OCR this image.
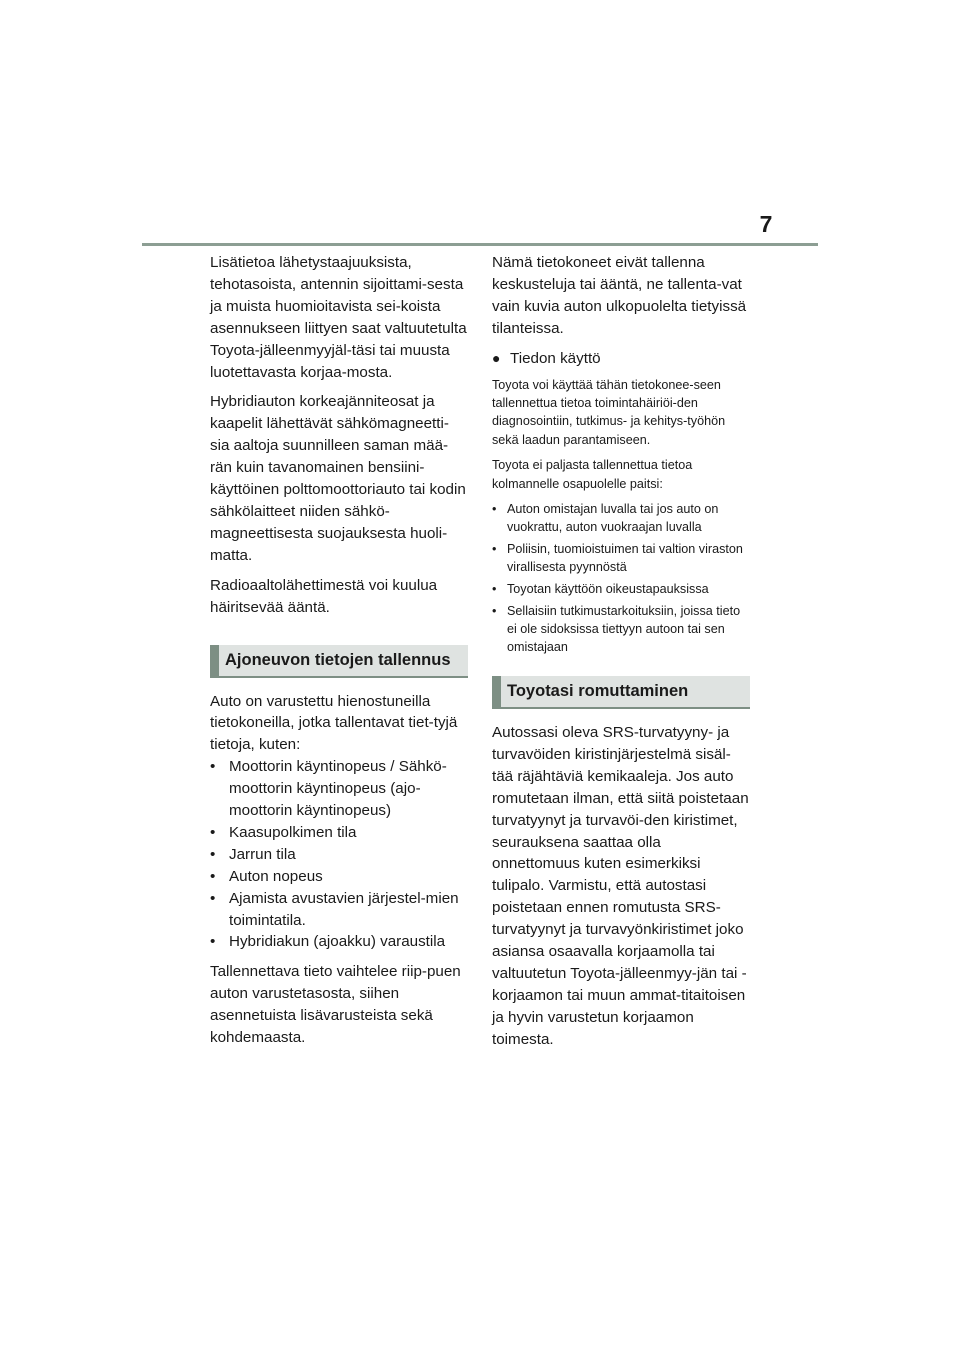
7

Lisätietoa lähetystaajuuksista, tehotasoista, antennin sijoittami-sesta ja muista huomioitavista sei-koista asennukseen liittyen saat valtuutetulta Toyota-jälleenmyyjäl-täsi tai muusta luotettavasta korjaa-mosta.

Hybridiauton korkeajänniteosat ja kaapelit lähettävät sähkömagneetti-sia aaltoja suunnilleen saman mää-rän kuin tavanomainen bensiini-käyttöinen polttomoottoriauto tai kodin sähkölaitteet niiden sähkö-magneettisesta suojauksesta huoli-matta.

Radioaaltolähettimestä voi kuulua häiritsevää ääntä.

Ajoneuvon tietojen tallennus

Auto on varustettu hienostuneilla tietokoneilla, jotka tallentavat tiet-tyjä tietoja, kuten:

• Moottorin käyntinopeus / Sähkö-moottorin käyntinopeus (ajo-moottorin käyntinopeus)
• Kaasupolkimen tila
• Jarrun tila
• Auton nopeus
• Ajamista avustavien järjestel-mien toimintatila.
• Hybridiakun (ajoakku) varaustila

Tallennettava tieto vaihtelee riip-puen auton varustetasosta, siihen asennetuista lisävarusteista sekä kohdemaasta.

Nämä tietokoneet eivät tallenna keskusteluja tai ääntä, ne tallenta-vat vain kuvia auton ulkopuolelta tietyissä tilanteissa.

● Tiedon käyttö

Toyota voi käyttää tähän tietokonee-seen tallennettua tietoa toimintahäiriöi-den diagnosointiin, tutkimus- ja kehitys-työhön sekä laadun parantamiseen.

Toyota ei paljasta tallennettua tietoa kolmannelle osapuolelle paitsi:

• Auton omistajan luvalla tai jos auto on vuokrattu, auton vuokraajan luvalla
• Poliisin, tuomioistuimen tai valtion viraston virallisesta pyynnöstä
• Toyotan käyttöön oikeustapauksissa
• Sellaisiin tutkimustarkoituksiin, joissa tieto ei ole sidoksissa tiettyyn autoon tai sen omistajaan
Toyotasi romuttaminen

Autossasi oleva SRS-turvatyyny- ja turvavöiden kiristinjärjestelmä sisäl-tää räjähtäviä kemikaaleja. Jos auto romutetaan ilman, että siitä poistetaan turvatyynyt ja turvavöi-den kiristimet, seurauksena saattaa olla onnettomuus kuten esimerkiksi tulipalo. Varmistu, että autostasi poistetaan ennen romutusta SRS-turvatyynyt ja turvavyönkiristimet joko asiansa osaavalla korjaamolla tai valtuutetun Toyota-jälleenmyy-jän tai -korjaamon tai muun ammat-titaitoisen ja hyvin varustetun korjaamon toimesta.
